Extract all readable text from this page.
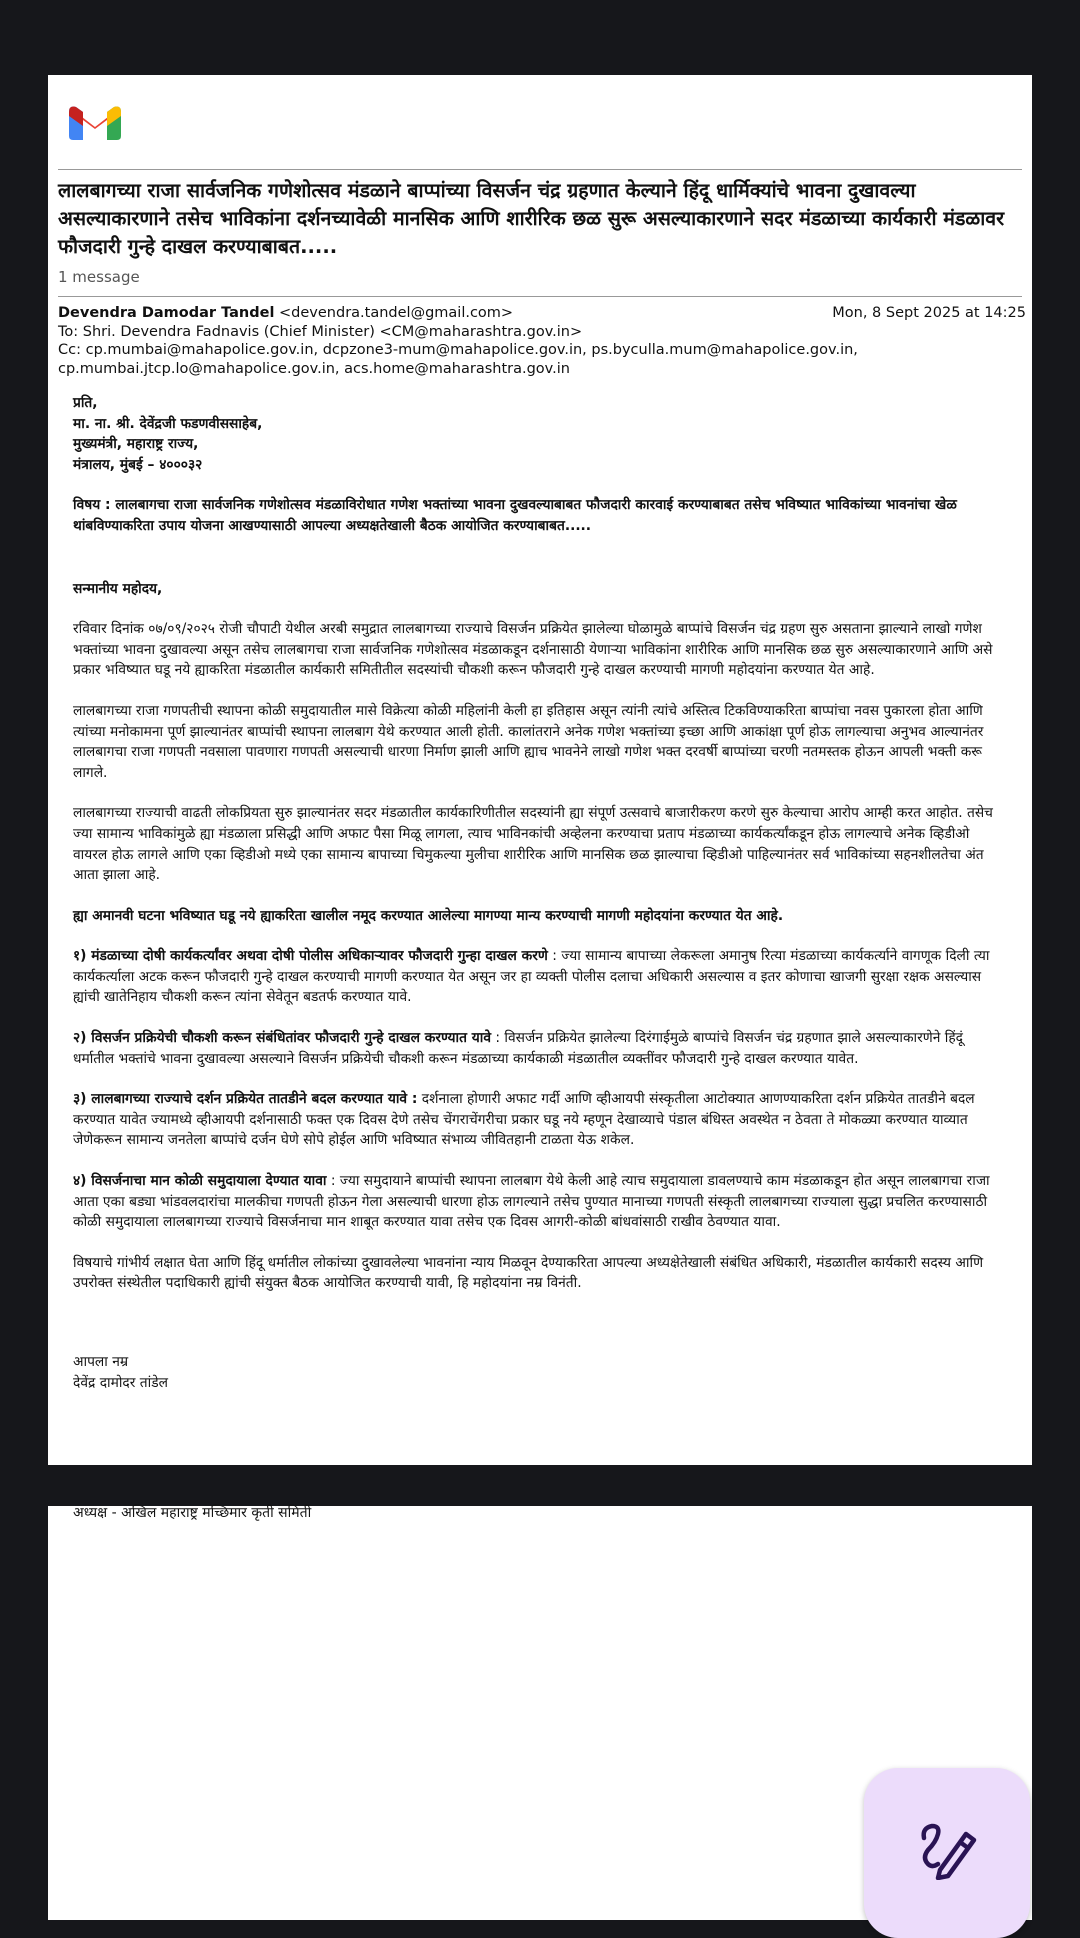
लालबागच्या राजा सार्वजनिक गणेशोत्सव मंडळाने बाप्पांच्या विसर्जन चंद्र ग्रहणात केल्याने हिंदू धार्मिक्यांचे भावना दुखावल्या असल्याकारणाने तसेच भाविकांना दर्शनच्यावेळी मानसिक आणि शारीरिक छळ सुरू असल्याकारणाने सदर मंडळाच्या कार्यकारी मंडळावर फौजदारी गुन्हे दाखल करण्याबाबत.....
1 message
Devendra Damodar Tandel <devendra.tandel@gmail.com>	Mon, 8 Sept 2025 at 14:25
To: Shri. Devendra Fadnavis (Chief Minister) <CM@maharashtra.gov.in>
Cc: cp.mumbai@mahapolice.gov.in, dcpzone3-mum@mahapolice.gov.in, ps.byculla.mum@mahapolice.gov.in,
cp.mumbai.jtcp.lo@mahapolice.gov.in, acs.home@maharashtra.gov.in

प्रति,

मा. ना. श्री. देवेंद्रजी फडणवीससाहेब,

मुख्यमंत्री, महाराष्ट्र राज्य,

मंत्रालय, मुंबई – ४०००३२

विषय : लालबागचा राजा सार्वजनिक गणेशोत्सव मंडळाविरोधात गणेश भक्तांच्या भावना दुखवल्याबाबत फौजदारी कारवाई करण्याबाबत तसेच भविष्यात भाविकांच्या भावनांचा खेळ थांबविण्याकरिता उपाय योजना आखण्यासाठी आपल्या अध्यक्षतेखाली बैठक आयोजित करण्याबाबत.....

सन्मानीय महोदय,

रविवार दिनांक ०७/०९/२०२५ रोजी चौपाटी येथील अरबी समुद्रात लालबागच्या राज्याचे विसर्जन प्रक्रियेत झालेल्या घोळामुळे बाप्पांचे विसर्जन चंद्र ग्रहण सुरु असताना झाल्याने लाखो गणेश भक्तांच्या भावना दुखावल्या असून तसेच लालबागचा राजा सार्वजनिक गणेशोत्सव मंडळाकडून दर्शनासाठी येणाऱ्या भाविकांना शारीरिक आणि मानसिक छळ सुरु असल्याकारणाने आणि असे प्रकार भविष्यात घडू नये ह्याकरिता मंडळातील कार्यकारी समितीतील सदस्यांची चौकशी करून फौजदारी गुन्हे दाखल करण्याची मागणी महोदयांना करण्यात येत आहे.

लालबागच्या राजा गणपतीची स्थापना कोळी समुदायातील मासे विक्रेत्या कोळी महिलांनी केली हा इतिहास असून त्यांनी त्यांचे अस्तित्व टिकविण्याकरिता बाप्पांचा नवस पुकारला होता आणि त्यांच्या मनोकामना पूर्ण झाल्यानंतर बाप्पांची स्थापना लालबाग येथे करण्यात आली होती. कालांतराने अनेक गणेश भक्तांच्या इच्छा आणि आकांक्षा पूर्ण होऊ लागल्याचा अनुभव आल्यानंतर लालबागचा राजा गणपती नवसाला पावणारा गणपती असल्याची धारणा निर्माण झाली आणि ह्याच भावनेने लाखो गणेश भक्त दरवर्षी बाप्पांच्या चरणी नतमस्तक होऊन आपली भक्ती करू लागले.

लालबागच्या राज्याची वाढती लोकप्रियता सुरु झाल्यानंतर सदर मंडळातील कार्यकारिणीतील सदस्यांनी ह्या संपूर्ण उत्सवाचे बाजारीकरण करणे सुरु केल्याचा आरोप आम्ही करत आहोत. तसेच ज्या सामान्य भाविकांमुळे ह्या मंडळाला प्रसिद्धी आणि अफाट पैसा मिळू लागला, त्याच भाविनकांची अव्हेलना करण्याचा प्रताप मंडळाच्या कार्यकर्त्यांकडून होऊ लागल्याचे अनेक व्हिडीओ वायरल होऊ लागले आणि एका व्हिडीओ मध्ये एका सामान्य बापाच्या चिमुकल्या मुलीचा शारीरिक आणि मानसिक छळ झाल्याचा व्हिडीओ पाहिल्यानंतर सर्व भाविकांच्या सहनशीलतेचा अंत आता झाला आहे.

ह्या अमानवी घटना भविष्यात घडू नये ह्याकरिता खालील नमूद करण्यात आलेल्या मागण्या मान्य करण्याची मागणी महोदयांना करण्यात येत आहे.

१) मंडळाच्या दोषी कार्यकर्त्यांवर अथवा दोषी पोलीस अधिकाऱ्यावर फौजदारी गुन्हा दाखल करणे : ज्या सामान्य बापाच्या लेकरूला अमानुष रित्या मंडळाच्या कार्यकर्त्याने वागणूक दिली त्या कार्यकर्त्याला अटक करून फौजदारी गुन्हे दाखल करण्याची मागणी करण्यात येत असून जर हा व्यक्ती पोलीस दलाचा अधिकारी असल्यास व इतर कोणाचा खाजगी सुरक्षा रक्षक असल्यास ह्यांची खातेनिहाय चौकशी करून त्यांना सेवेतून बडतर्फ करण्यात यावे.

२) विसर्जन प्रक्रियेची चौकशी करून संबंधितांवर फौजदारी गुन्हे दाखल करण्यात यावे : विसर्जन प्रक्रियेत झालेल्या दिरंगाईमुळे बाप्पांचे विसर्जन चंद्र ग्रहणात झाले असल्याकारणेने हिंदूं धर्मातील भक्तांचे भावना दुखावल्या असल्याने विसर्जन प्रक्रियेची चौकशी करून मंडळाच्या कार्यकाळी मंडळातील व्यक्तींवर फौजदारी गुन्हे दाखल करण्यात यावेत.

३) लालबागच्या राज्याचे दर्शन प्रक्रियेत तातडीने बदल करण्यात यावे : दर्शनाला होणारी अफाट गर्दी आणि व्हीआयपी संस्कृतीला आटोक्यात आणण्याकरिता दर्शन प्रक्रियेत तातडीने बदल करण्यात यावेत ज्यामध्ये व्हीआयपी दर्शनासाठी फक्त एक दिवस देणे तसेच चेंगराचेंगरीचा प्रकार घडू नये म्हणून देखाव्याचे पंडाल बंधिस्त अवस्थेत न ठेवता ते मोकळ्या करण्यात याव्यात जेणेकरून सामान्य जनतेला बाप्पांचे दर्जन घेणे सोपे होईल आणि भविष्यात संभाव्य जीवितहानी टाळता येऊ शकेल.

४) विसर्जनाचा मान कोळी समुदायाला देण्यात यावा : ज्या समुदायाने बाप्पांची स्थापना लालबाग येथे केली आहे त्याच समुदायाला डावलण्याचे काम मंडळाकडून होत असून लालबागचा राजा आता एका बड्या भांडवलदारांचा मालकीचा गणपती होऊन गेला असल्याची धारणा होऊ लागल्याने तसेच पुण्यात मानाच्या गणपती संस्कृती लालबागच्या राज्याला सुद्धा प्रचलित करण्यासाठी कोळी समुदायाला लालबागच्या राज्याचे विसर्जनाचा मान शाबूत करण्यात यावा तसेच एक दिवस आगरी-कोळी बांधवांसाठी राखीव ठेवण्यात यावा.

विषयाचे गांभीर्य लक्षात घेता आणि हिंदू धर्मातील लोकांच्या दुखावलेल्या भावनांना न्याय मिळवून देण्याकरिता आपल्या अध्यक्षेतेखाली संबंधित अधिकारी, मंडळातील कार्यकारी सदस्य आणि उपरोक्त संस्थेतील पदाधिकारी ह्यांची संयुक्त बैठक आयोजित करण्याची यावी, हि महोदयांना नम्र विनंती.

आपला नम्र

देवेंद्र दामोदर तांडेल

अध्यक्ष - अखिल महाराष्ट्र मच्छिमार कृती समिती
